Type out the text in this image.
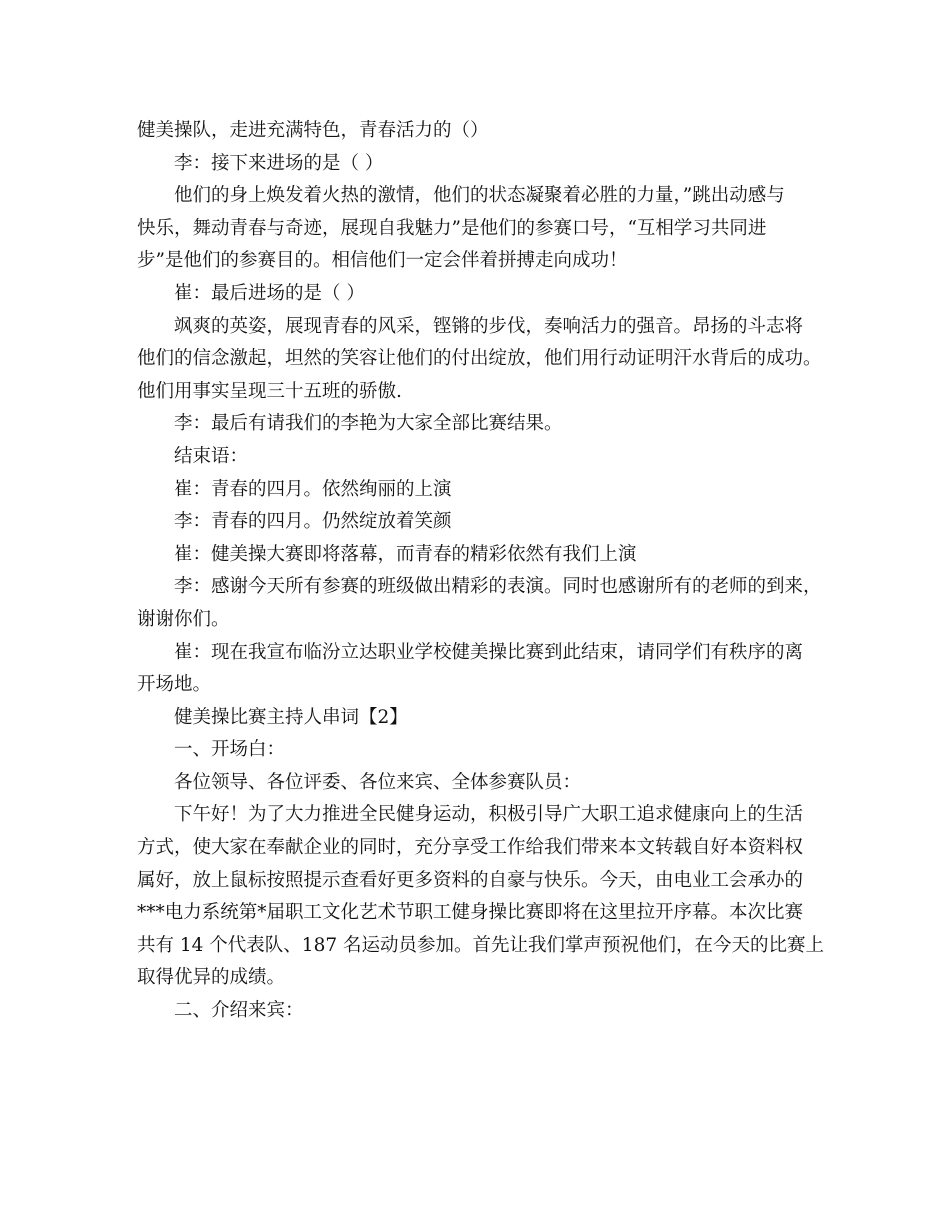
健美操队，走进充满特色，青春活力的（）

李：接下来进场的是（ ）

他们的身上焕发着火热的激情，他们的状态凝聚着必胜的力量，”跳出动感与

快乐，舞动青春与奇迹，展现自我魅力”是他们的参赛口号，“互相学习共同进

步”是他们的参赛目的。相信他们一定会伴着拼搏走向成功！

崔：最后进场的是（ ）

飒爽的英姿，展现青春的风采，铿锵的步伐，奏响活力的强音。昂扬的斗志将

他们的信念激起，坦然的笑容让他们的付出绽放，他们用行动证明汗水背后的成功。

他们用事实呈现三十五班的骄傲.

李：最后有请我们的李艳为大家全部比赛结果。

结束语：

崔：青春的四月。依然绚丽的上演

李：青春的四月。仍然绽放着笑颜

崔：健美操大赛即将落幕，而青春的精彩依然有我们上演

李：感谢今天所有参赛的班级做出精彩的表演。同时也感谢所有的老师的到来，

谢谢你们。

崔：现在我宣布临汾立达职业学校健美操比赛到此结束，请同学们有秩序的离

开场地。

健美操比赛主持人串词【2】

一、开场白：

各位领导、各位评委、各位来宾、全体参赛队员：

下午好！为了大力推进全民健身运动，积极引导广大职工追求健康向上的生活

方式，使大家在奉献企业的同时，充分享受工作给我们带来本文转载自好本资料权

属好，放上鼠标按照提示查看好更多资料的自豪与快乐。今天，由电业工会承办的

***电力系统第*届职工文化艺术节职工健身操比赛即将在这里拉开序幕。本次比赛

共有 14 个代表队、187 名运动员参加。首先让我们掌声预祝他们，在今天的比赛上

取得优异的成绩。

二、介绍来宾：
